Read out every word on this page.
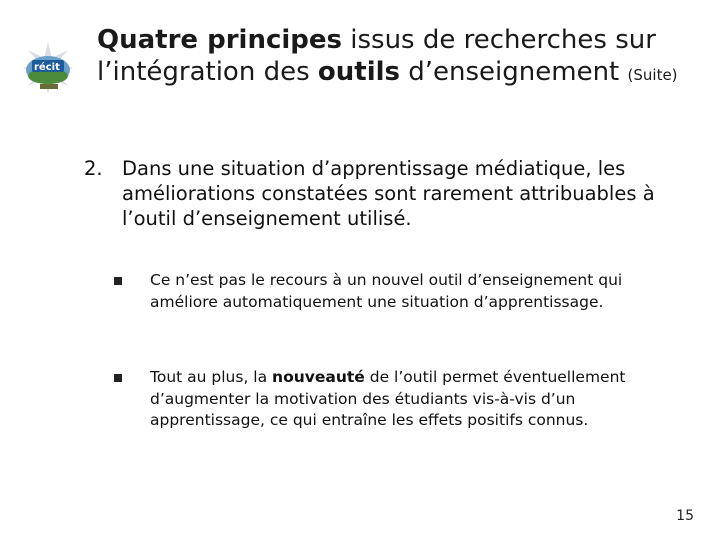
récit
Quatre principes issus de recherches sur l’intégration des outils d’enseignement (Suite)
2. Dans une situation d’apprentissage médiatique, les améliorations constatées sont rarement attribuables à l’outil d’enseignement utilisé.
Ce n’est pas le recours à un nouvel outil d’enseignement qui améliore automatiquement une situation d’apprentissage.
Tout au plus, la nouveauté de l’outil permet éventuellement d’augmenter la motivation des étudiants vis-à-vis d’un apprentissage, ce qui entraîne les effets positifs connus.
15
